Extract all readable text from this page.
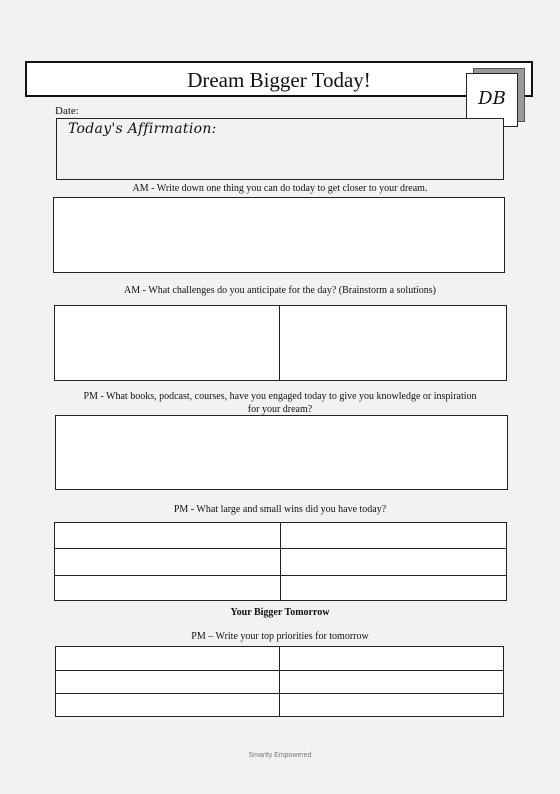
Dream Bigger Today!
DB
Date:
Today's Affirmation:
AM - Write down one thing you can do today to get closer to your dream.
AM - What challenges do you anticipate for the day? (Brainstorm a solutions)
PM - What books, podcast, courses, have you engaged today to give you knowledge or inspiration
for your dream?
PM - What large and small wins did you have today?
Your Bigger Tomorrow
PM – Write your top priorities for tomorrow
Smartly Empowered
